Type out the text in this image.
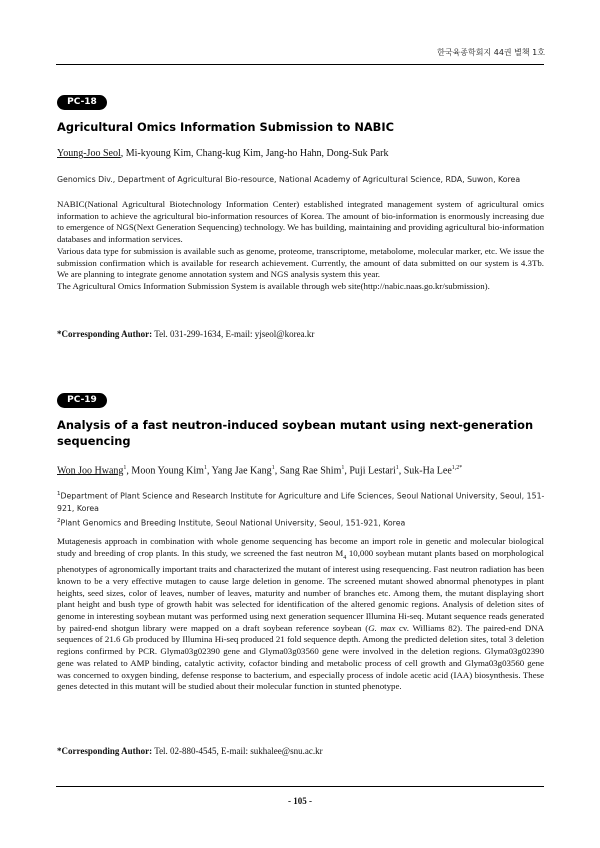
한국육종학회지 44권 별책 1호
PC-18
Agricultural Omics Information Submission to NABIC
Young-Joo Seol, Mi-kyoung Kim, Chang-kug Kim, Jang-ho Hahn, Dong-Suk Park
Genomics Div., Department of Agricultural Bio-resource, National Academy of Agricultural Science, RDA, Suwon, Korea

NABIC(National Agricultural Biotechnology Information Center) established integrated management system of agricultural omics information to achieve the agricultural bio-information resources of Korea. The amount of bio-information is enormously increasing due to emergence of NGS(Next Generation Sequencing) technology. We has building, maintaining and providing agricultural bio-information databases and information services.

Various data type for submission is available such as genome, proteome, transcriptome, metabolome, molecular marker, etc. We issue the submission confirmation which is available for research achievement. Currently, the amount of data submitted on our system is 4.3Tb. We are planning to integrate genome annotation system and NGS analysis system this year.

The Agricultural Omics Information Submission System is available through web site(http://nabic.naas.go.kr/submission).

*Corresponding Author: Tel. 031-299-1634, E-mail: yjseol@korea.kr
PC-19
Analysis of a fast neutron-induced soybean mutant using next-generation sequencing
Won Joo Hwang$^1$, Moon Young Kim$^1$, Yang Jae Kang$^1$, Sang Rae Shim$^1$, Puji Lestari$^1$, Suk-Ha Lee$^{1,2*}$
$^1$Department of Plant Science and Research Institute for Agriculture and Life Sciences, Seoul National University, Seoul, 151-921, Korea
$^2$Plant Genomics and Breeding Institute, Seoul National University, Seoul, 151-921, Korea
Mutagenesis approach in combination with whole genome sequencing has become an import role in genetic and molecular biological study and breeding of crop plants. In this study, we screened the fast neutron $M_4$ 10,000 soybean mutant plants based on morphological phenotypes of agronomically important traits and characterized the mutant of interest using resequencing. Fast neutron radiation has been known to be a very effective mutagen to cause large deletion in genome. The screened mutant showed abnormal phenotypes in plant heights, seed sizes, color of leaves, number of leaves, maturity and number of branches etc. Among them, the mutant displaying short plant height and bush type of growth habit was selected for identification of the altered genomic regions. Analysis of deletion sites of genome in interesting soybean mutant was performed using next generation sequencer Illumina Hi-seq. Mutant sequence reads generated by paired-end shotgun library were mapped on a draft soybean reference soybean (G. max cv. Williams 82). The paired-end DNA sequences of 21.6 Gb produced by Illumina Hi-seq produced 21 fold sequence depth. Among the predicted deletion sites, total 3 deletion regions confirmed by PCR. Glyma03g02390 gene and Glyma03g03560 gene were involved in the deletion regions. Glyma03g02390 gene was related to AMP binding, catalytic activity, cofactor binding and metabolic process of cell growth and Glyma03g03560 gene was concerned to oxygen binding, defense response to bacterium, and especially process of indole acetic acid (IAA) biosynthesis. These genes detected in this mutant will be studied about their molecular function in stunted phenotype.
*Corresponding Author: Tel. 02-880-4545, E-mail: sukhalee@snu.ac.kr
- 105 -
